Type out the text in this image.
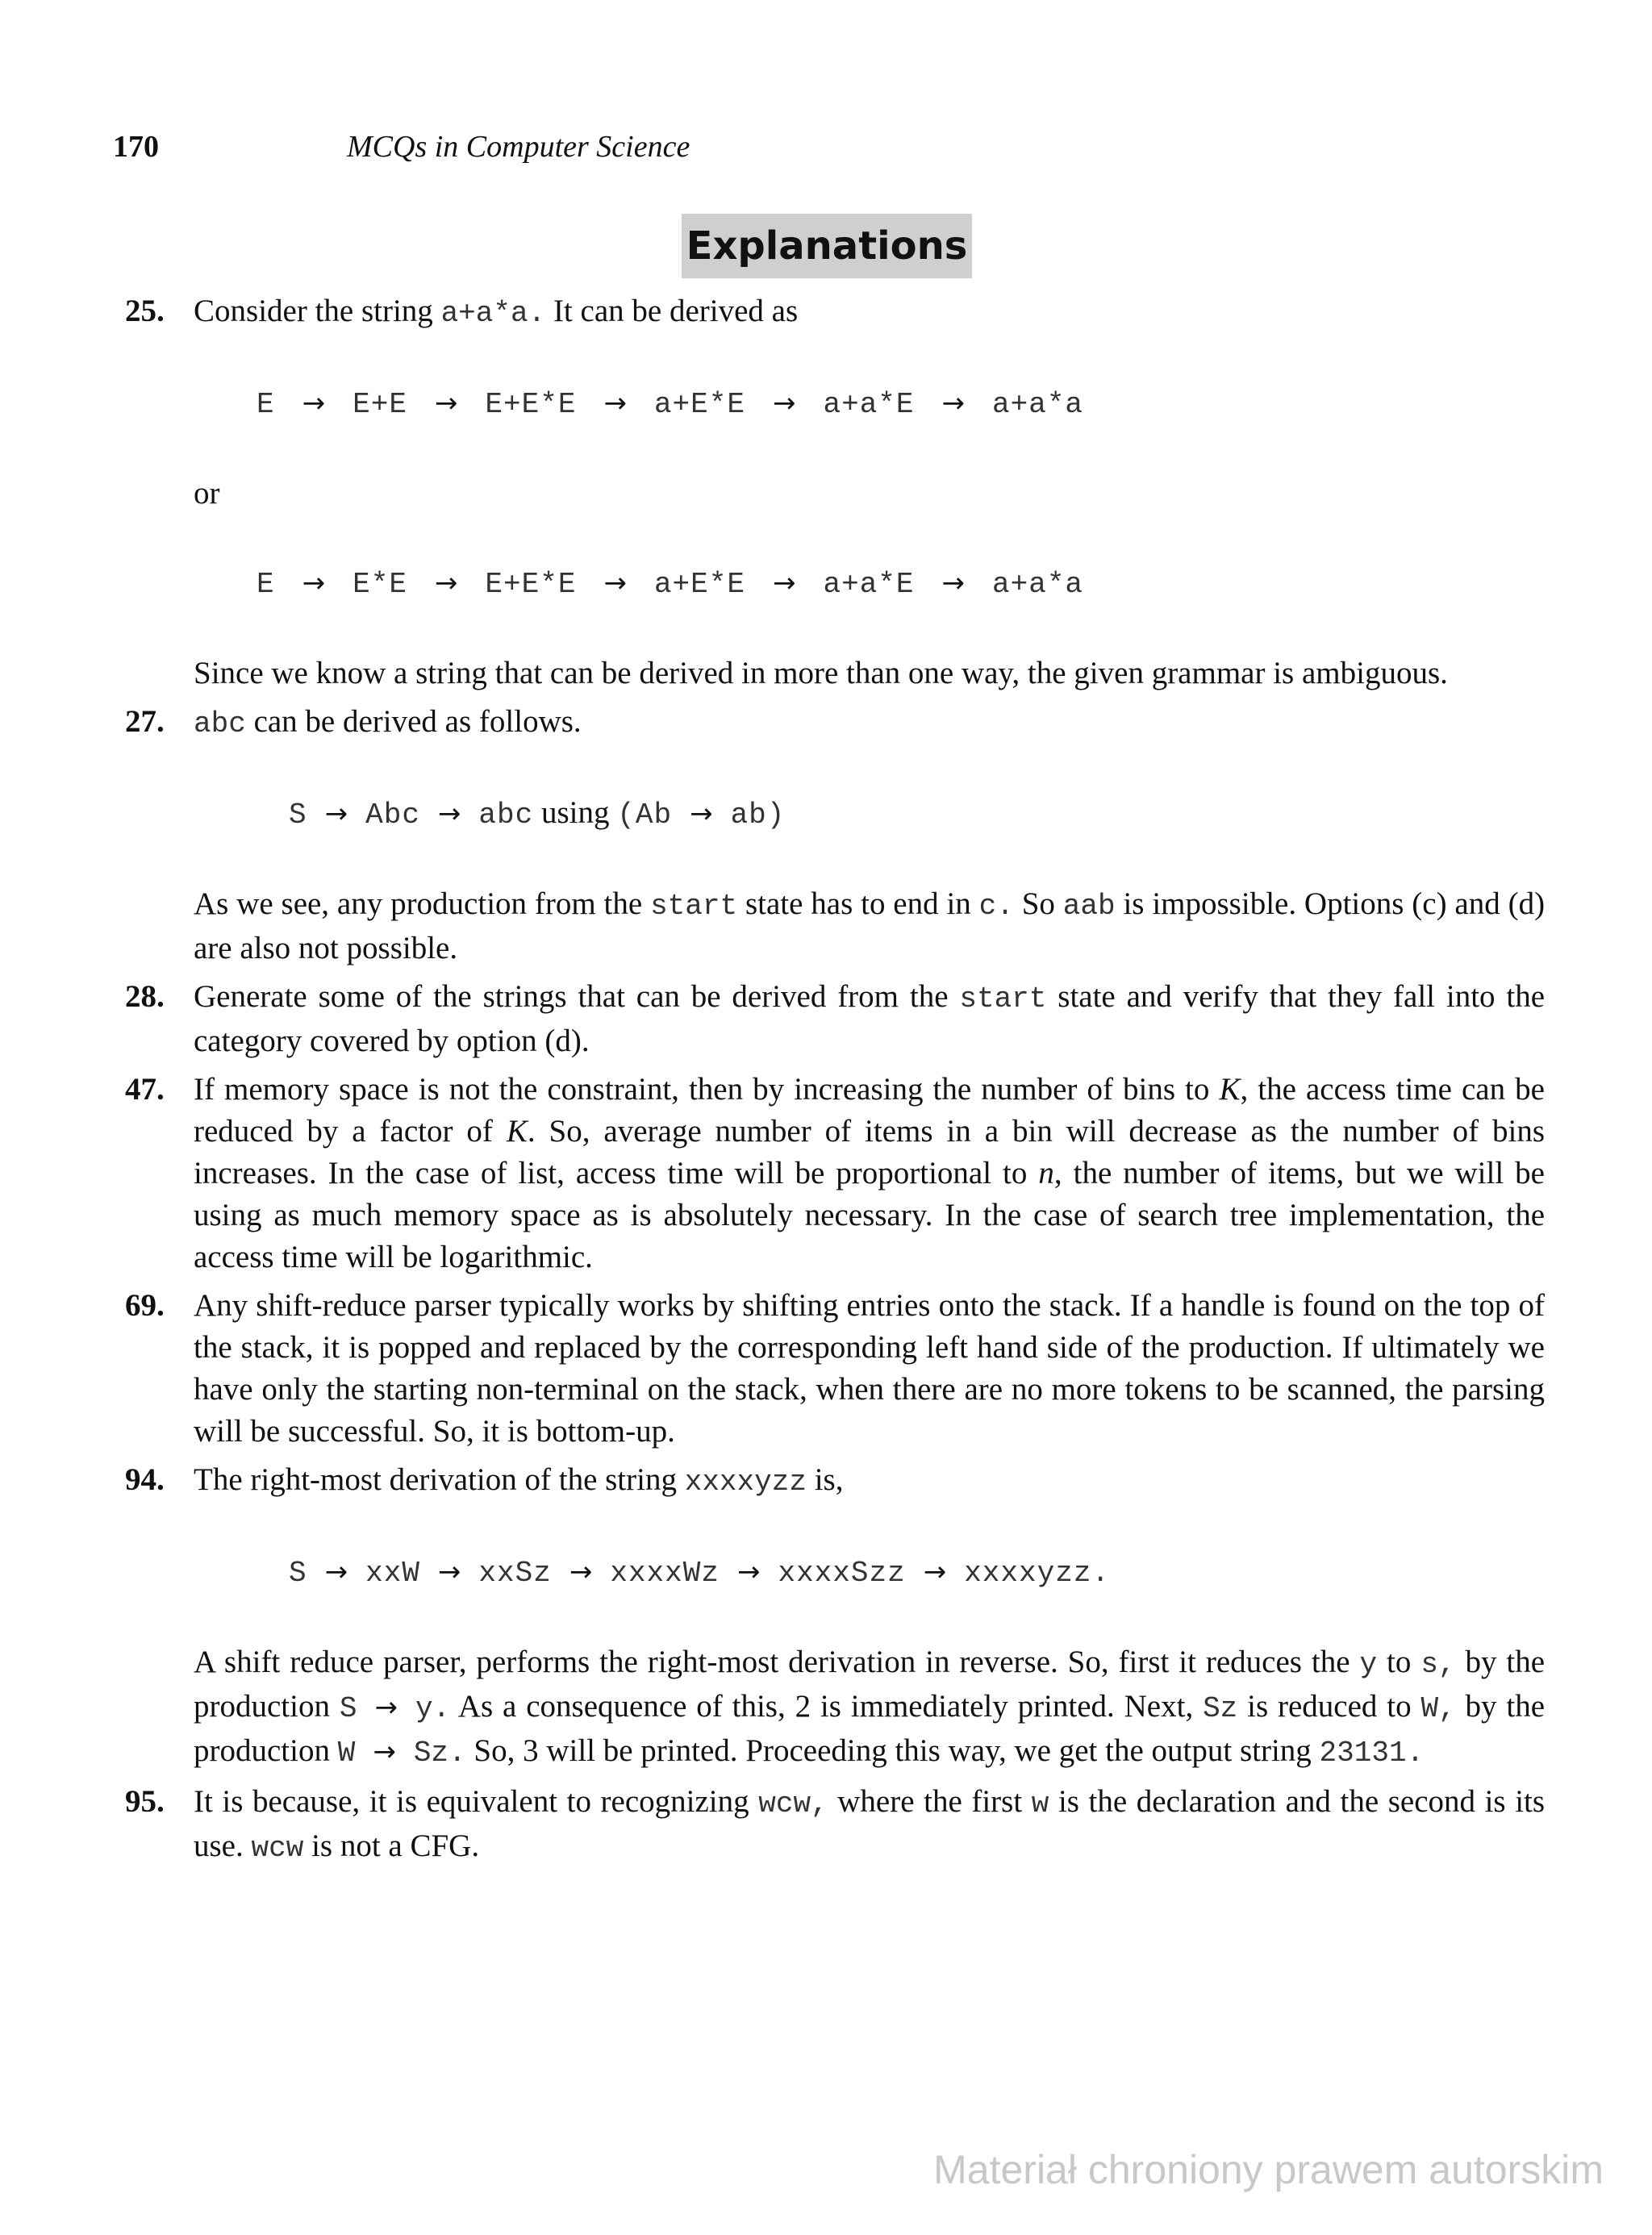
170	MCQs in Computer Science
Explanations
25. Consider the string a+a*a. It can be derived as

E → E+E → E+E*E → a+E*E → a+a*E → a+a*a

or

E → E*E → E+E*E → a+E*E → a+a*E → a+a*a

Since we know a string that can be derived in more than one way, the given grammar is ambiguous.

27. abc can be derived as follows.

S → Abc → abc using (Ab → ab)

As we see, any production from the start state has to end in c. So aab is impossible. Options (c) and (d) are also not possible.

28. Generate some of the strings that can be derived from the start state and verify that they fall into the category covered by option (d).

47. If memory space is not the constraint, then by increasing the number of bins to K, the access time can be reduced by a factor of K. So, average number of items in a bin will decrease as the number of bins increases. In the case of list, access time will be proportional to n, the number of items, but we will be using as much memory space as is absolutely necessary. In the case of search tree implementation, the access time will be logarithmic.

69. Any shift-reduce parser typically works by shifting entries onto the stack. If a handle is found on the top of the stack, it is popped and replaced by the corresponding left hand side of the production. If ultimately we have only the starting non-terminal on the stack, when there are no more tokens to be scanned, the parsing will be successful. So, it is bottom-up.

94. The right-most derivation of the string xxxxyzz is,

S → xxW → xxSz → xxxxWz → xxxxSzz → xxxxyzz.

A shift reduce parser, performs the right-most derivation in reverse. So, first it reduces the y to s, by the production S → y. As a consequence of this, 2 is immediately printed. Next, Sz is reduced to W, by the production W → Sz. So, 3 will be printed. Proceeding this way, we get the output string 23131.

95. It is because, it is equivalent to recognizing wcw, where the first w is the declaration and the second is its use. wcw is not a CFG.

Materiał chroniony prawem autorskim
